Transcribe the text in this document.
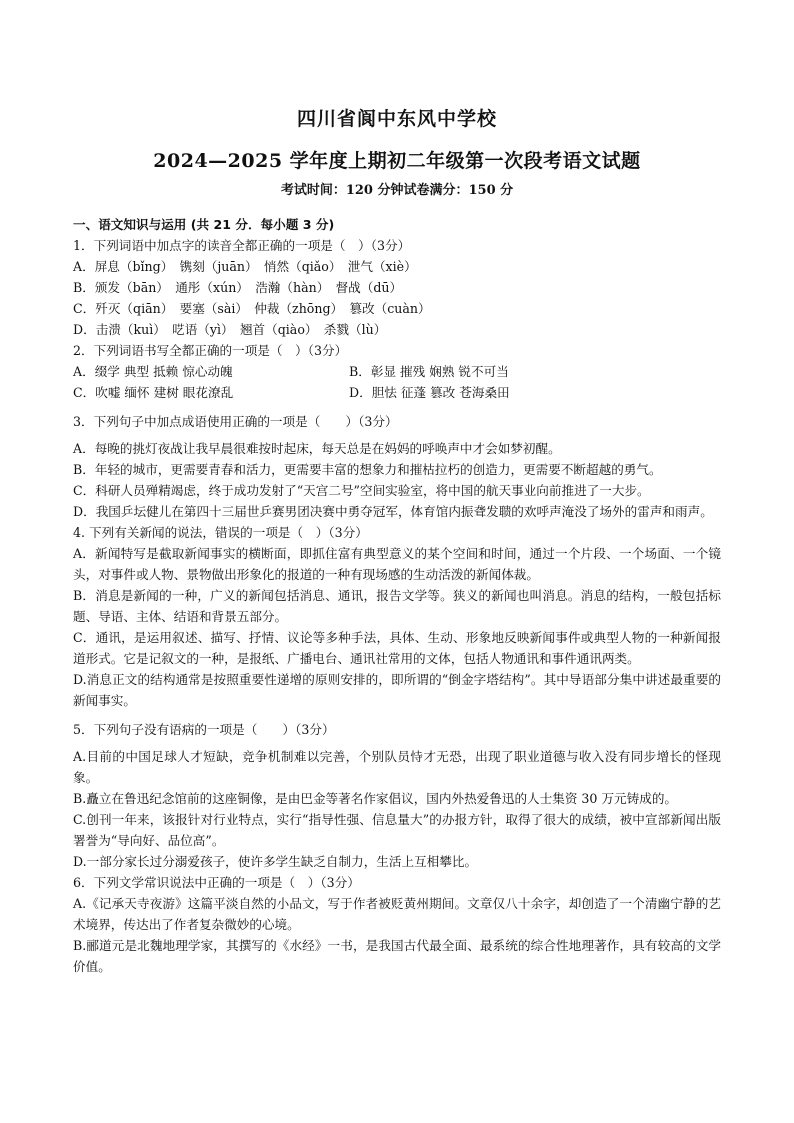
四川省阆中东风中学校
2024—2025 学年度上期初二年级第一次段考语文试题
考试时间：120 分钟试卷满分：150 分
一、语文知识与运用 (共 21 分．每小题 3 分)

1．下列词语中加点字的读音全都正确的一项是（　）（3分）

A．屏息（bǐng）　镌刻（juān）　悄然（qiǎo）　泄气（xiè）

B．颁发（bān）　通彤（xún）　浩瀚（hàn）　督战（dū）

C．歼灭（qiān）　要塞（sài）　仲裁（zhōng）　篡改（cuàn）

D．击溃（kuì）　呓语（yì）　翘首（qiào）　杀戮（lù）

2．下列词语书写全都正确的一项是（　）（3分）

A．缀学 典型 抵赖 惊心动魄	B．彰显 摧残 娴熟 锐不可当
C．吹嘘 缅怀 建树 眼花潦乱	D．胆怯 征蓬 篡改 苍海桑田

3．下列句子中加点成语使用正确的一项是（　　）（3分）

A．每晚的挑灯夜战让我早晨很难按时起床，每天总是在妈妈的呼唤声中才会如梦初醒。

B．年轻的城市，更需要青春和活力，更需要丰富的想象力和摧枯拉朽的创造力，更需要不断超越的勇气。

C．科研人员殚精竭虑，终于成功发射了“天宫二号”空间实验室，将中国的航天事业向前推进了一大步。

D．我国乒坛健儿在第四十三届世乒赛男团决赛中勇夺冠军，体育馆内振聋发聩的欢呼声淹没了场外的雷声和雨声。

4. 下列有关新闻的说法，错误的一项是（　）（3分）

A．新闻特写是截取新闻事实的横断面，即抓住富有典型意义的某个空间和时间，通过一个片段、一个场面、一个镜头，对事件或人物、景物做出形象化的报道的一种有现场感的生动活泼的新闻体裁。

B．消息是新闻的一种，广义的新闻包括消息、通讯，报告文学等。狭义的新闻也叫消息。消息的结构，一般包括标题、导语、主体、结语和背景五部分。

C．通讯，是运用叙述、描写、抒情、议论等多种手法，具体、生动、形象地反映新闻事件或典型人物的一种新闻报道形式。它是记叙文的一种，是报纸、广播电台、通讯社常用的文体，包括人物通讯和事件通讯两类。

D.消息正文的结构通常是按照重要性递增的原则安排的，即所谓的“倒金字塔结构”。其中导语部分集中讲述最重要的新闻事实。

5．下列句子没有语病的一项是（　　）（3分）

A.目前的中国足球人才短缺，竞争机制难以完善，个别队员恃才无恐，出现了职业道德与收入没有同步增长的怪现象。

B.矗立在鲁迅纪念馆前的这座铜像，是由巴金等著名作家倡议，国内外热爱鲁迅的人士集资 30 万元铸成的。

C.创刊一年来，该报针对行业特点，实行“指导性强、信息量大”的办报方针，取得了很大的成绩，被中宣部新闻出版署誉为“导向好、品位高”。

D.一部分家长过分溺爱孩子，使许多学生缺乏自制力，生活上互相攀比。

6．下列文学常识说法中正确的一项是（　）（3分）

A.《记承天寺夜游》这篇平淡自然的小品文，写于作者被贬黄州期间。文章仅八十余字，却创造了一个清幽宁静的艺术境界，传达出了作者复杂微妙的心境。

B.郦道元是北魏地理学家，其撰写的《水经》一书，是我国古代最全面、最系统的综合性地理著作，具有较高的文学价值。
